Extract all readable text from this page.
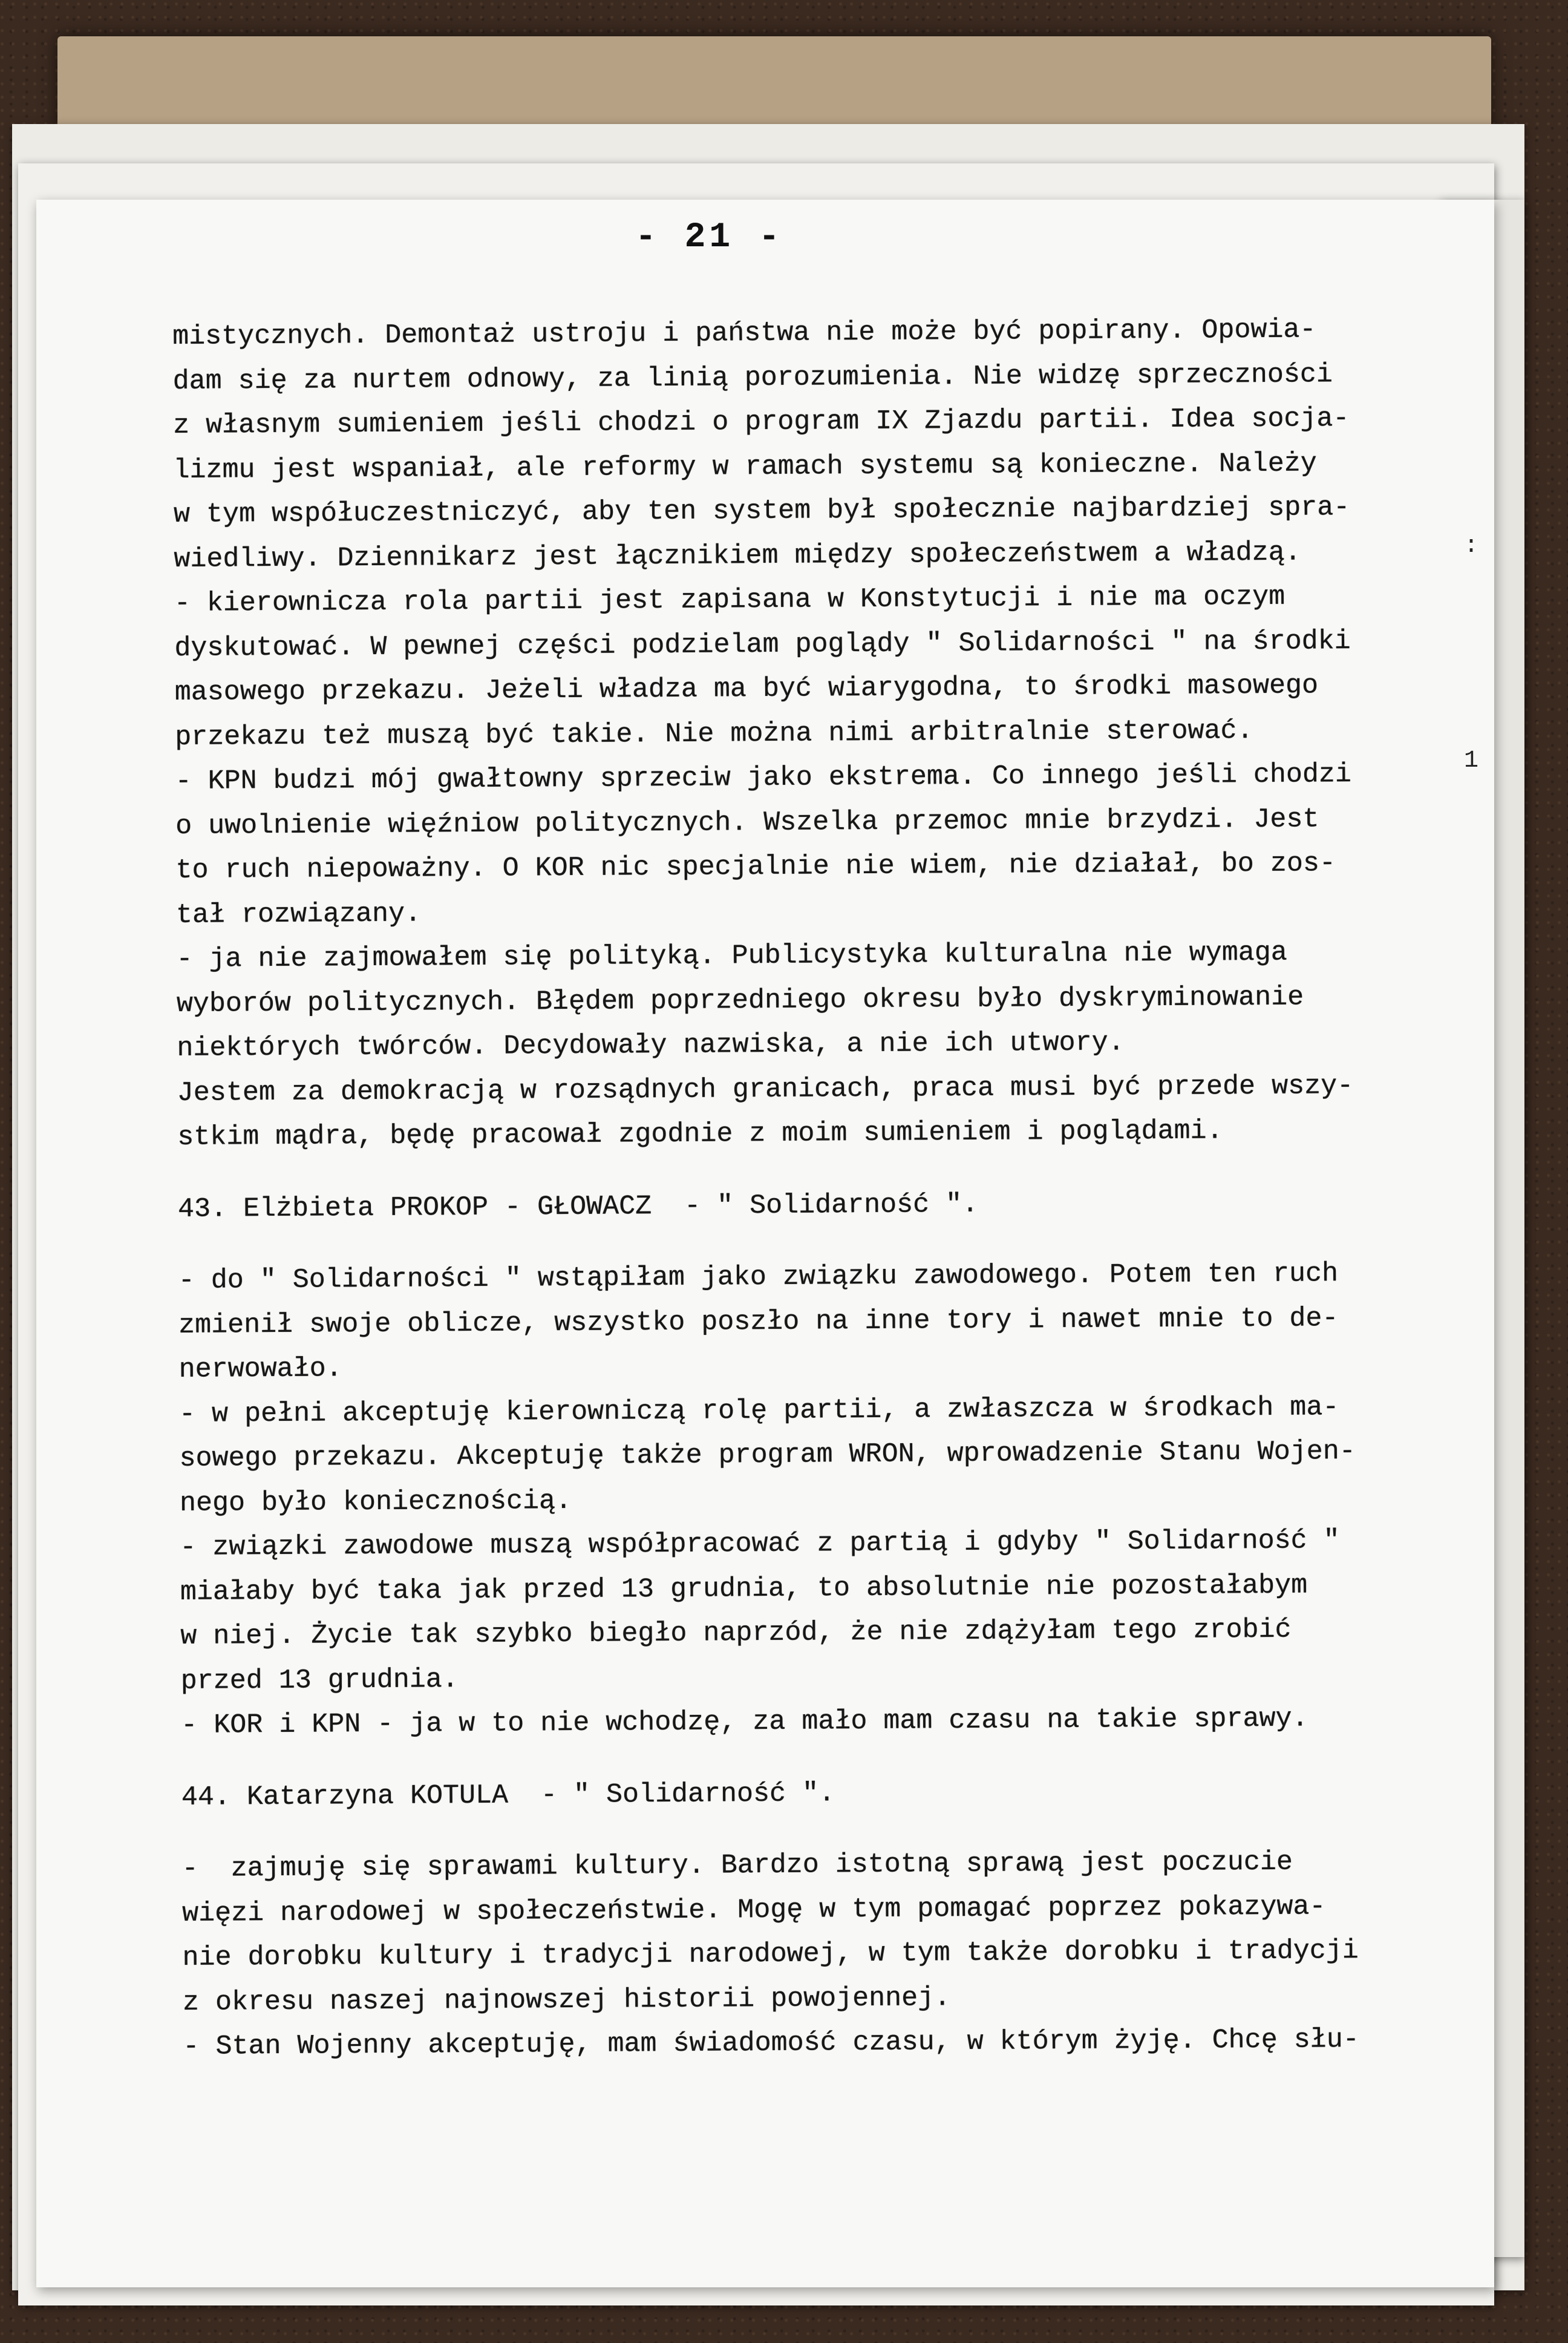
- 21 -
mistycznych. Demontaż ustroju i państwa nie może być popirany. Opowia-
dam się za nurtem odnowy, za linią porozumienia. Nie widzę sprzeczności
z własnym sumieniem jeśli chodzi o program IX Zjazdu partii. Idea socja-
lizmu jest wspaniał, ale reformy w ramach systemu są konieczne. Należy
w tym współuczestniczyć, aby ten system był społecznie najbardziej spra-
wiedliwy. Dziennikarz jest łącznikiem między społeczeństwem a władzą.
- kierownicza rola partii jest zapisana w Konstytucji i nie ma oczym
dyskutować. W pewnej części podzielam poglądy " Solidarności " na środki
masowego przekazu. Jeżeli władza ma być wiarygodna, to środki masowego
przekazu też muszą być takie. Nie można nimi arbitralnie sterować.
- KPN budzi mój gwałtowny sprzeciw jako ekstrema. Co innego jeśli chodzi
o uwolnienie więźniow politycznych. Wszelka przemoc mnie brzydzi. Jest
to ruch niepoważny. O KOR nic specjalnie nie wiem, nie działał, bo zos-
tał rozwiązany.
- ja nie zajmowałem się polityką. Publicystyka kulturalna nie wymaga
wyborów politycznych. Błędem poprzedniego okresu było dyskryminowanie
niektórych twórców. Decydowały nazwiska, a nie ich utwory.
Jestem za demokracją w rozsądnych granicach, praca musi być przede wszy-
stkim mądra, będę pracował zgodnie z moim sumieniem i poglądami.
43. Elżbieta PROKOP - GŁOWACZ  - " Solidarność ".
- do " Solidarności " wstąpiłam jako związku zawodowego. Potem ten ruch
zmienił swoje oblicze, wszystko poszło na inne tory i nawet mnie to de-
nerwowało.
- w pełni akceptuję kierowniczą rolę partii, a zwłaszcza w środkach ma-
sowego przekazu. Akceptuję także program WRON, wprowadzenie Stanu Wojen-
nego było koniecznością.
- związki zawodowe muszą współpracować z partią i gdyby " Solidarność "
miałaby być taka jak przed 13 grudnia, to absolutnie nie pozostałabym
w niej. Życie tak szybko biegło naprzód, że nie zdążyłam tego zrobić
przed 13 grudnia.
- KOR i KPN - ja w to nie wchodzę, za mało mam czasu na takie sprawy.
44. Katarzyna KOTULA  - " Solidarność ".
-  zajmuję się sprawami kultury. Bardzo istotną sprawą jest poczucie
więzi narodowej w społeczeństwie. Mogę w tym pomagać poprzez pokazywa-
nie dorobku kultury i tradycji narodowej, w tym także dorobku i tradycji
z okresu naszej najnowszej historii powojennej.
- Stan Wojenny akceptuję, mam świadomość czasu, w którym żyję. Chcę słu-
:
1
